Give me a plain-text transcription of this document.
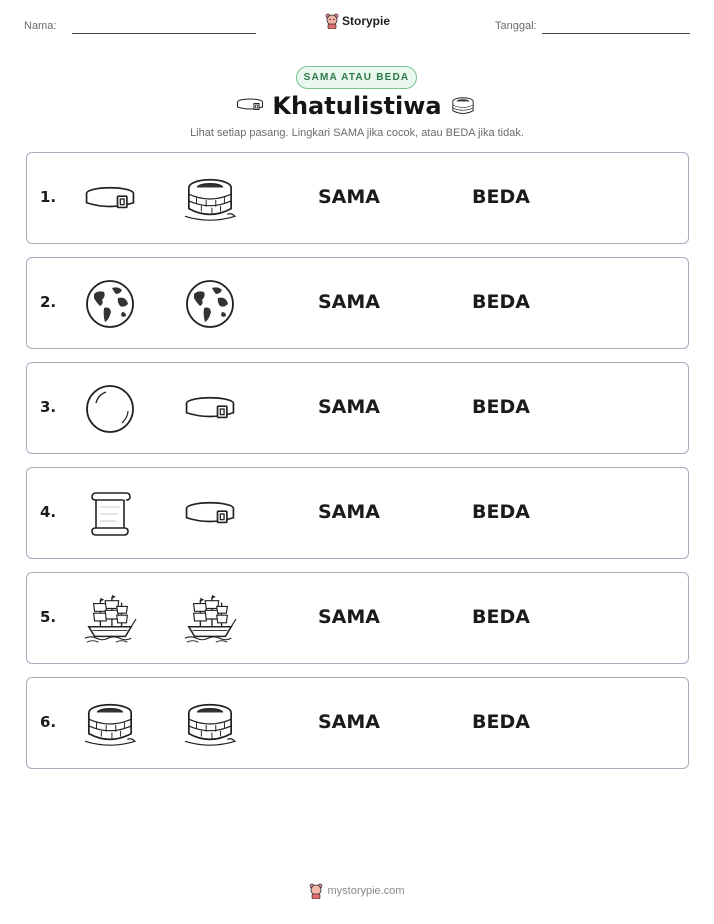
Nama:	Storypie	Tanggal:
SAMA ATAU BEDA
Khatulistiwa
Lihat setiap pasang. Lingkari SAMA jika cocok, atau BEDA jika tidak.
1.	SAMA	BEDA
2.	SAMA	BEDA
3.	SAMA	BEDA
4.	SAMA	BEDA
5.	SAMA	BEDA
6.	SAMA	BEDA
mystorypie.com
